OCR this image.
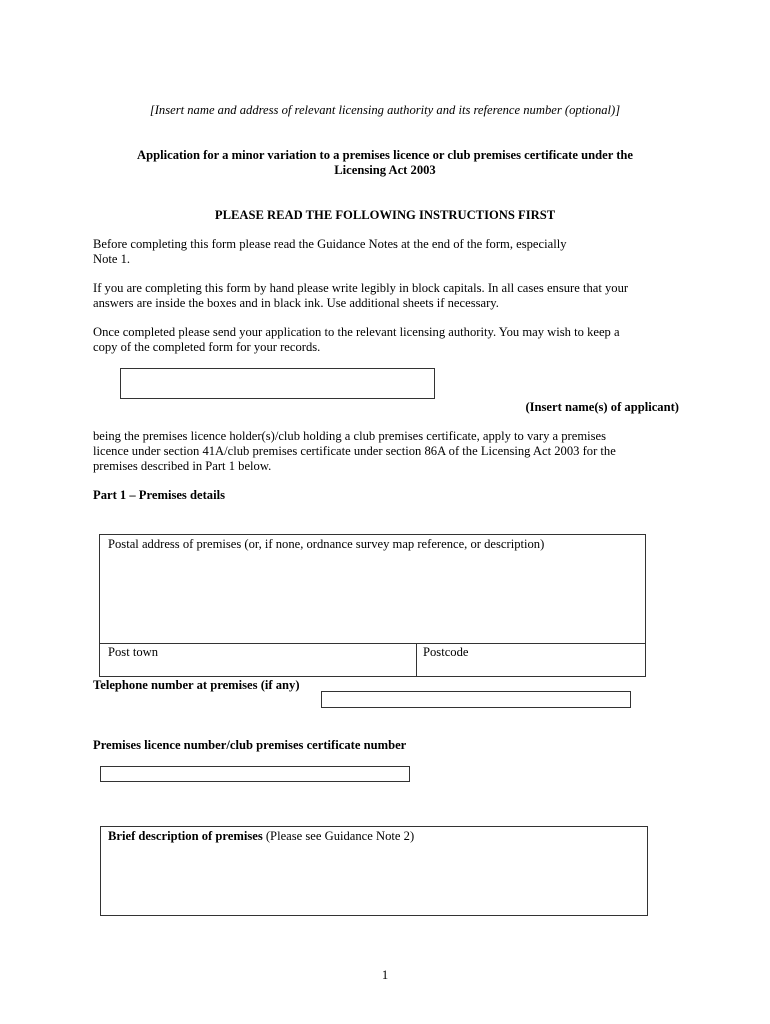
[Insert name and address of relevant licensing authority and its reference number (optional)]
Application for a minor variation to a premises licence or club premises certificate under the
Licensing Act 2003
PLEASE READ THE FOLLOWING INSTRUCTIONS FIRST
Before completing this form please read the Guidance Notes at the end of the form, especially
Note 1.
If you are completing this form by hand please write legibly in block capitals. In all cases ensure that your
answers are inside the boxes and in black ink. Use additional sheets if necessary.
Once completed please send your application to the relevant licensing authority. You may wish to keep a
copy of the completed form for your records.
(Insert name(s) of applicant)
being the premises licence holder(s)/club holding a club premises certificate, apply to vary a premises
licence under section 41A/club premises certificate under section 86A of the Licensing Act 2003 for the
premises described in Part 1 below.
Part 1 – Premises details
Postal address of premises (or, if none, ordnance survey map reference, or description)
Post town	Postcode
Telephone number at premises (if any)
Premises licence number/club premises certificate number
Brief description of premises (Please see Guidance Note 2)
1
